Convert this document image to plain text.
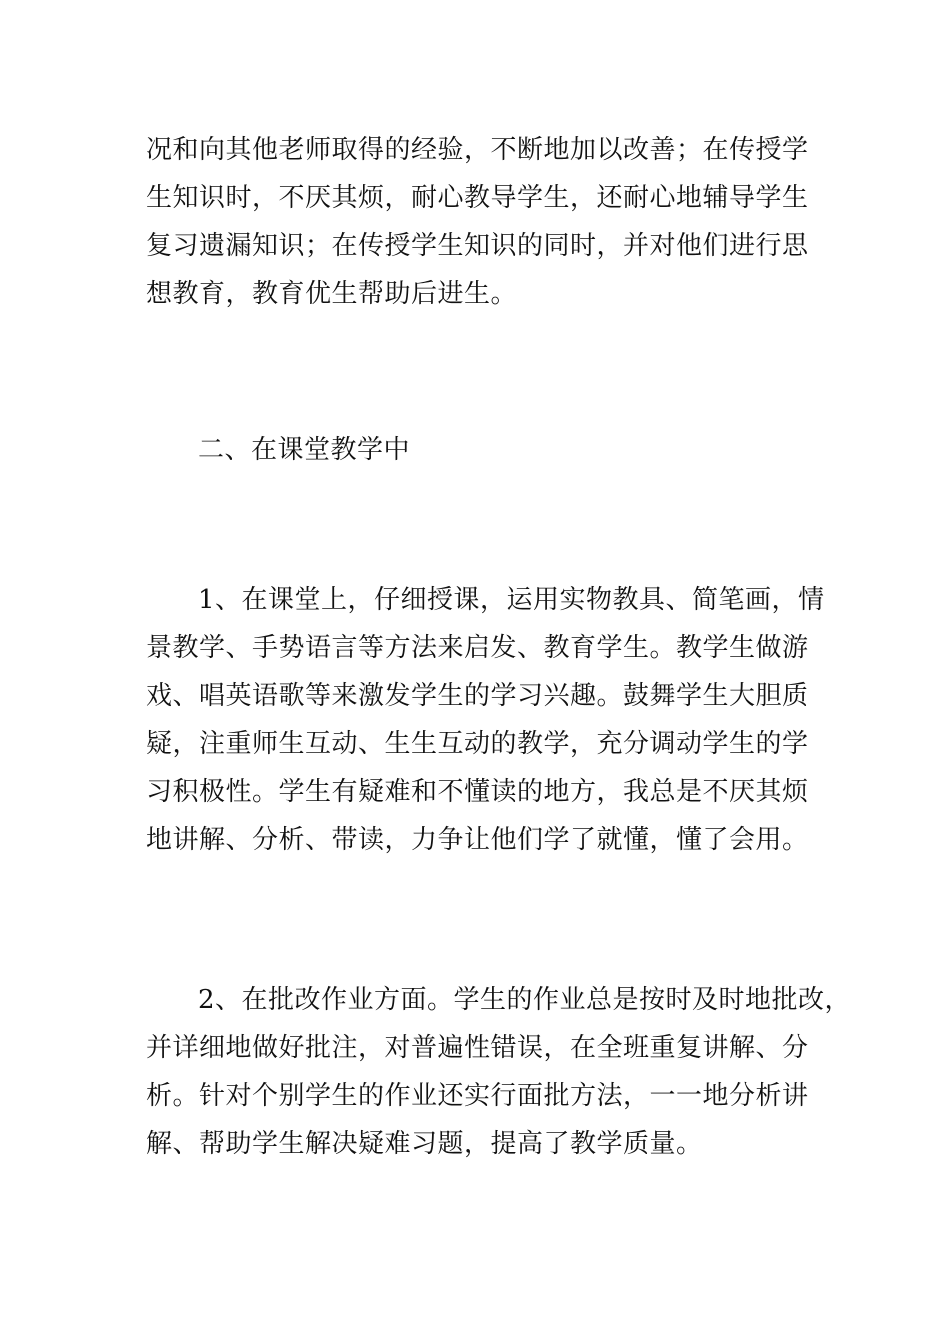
况和向其他老师取得的经验，不断地加以改善；在传授学
生知识时，不厌其烦，耐心教导学生，还耐心地辅导学生
复习遗漏知识；在传授学生知识的同时，并对他们进行思
想教育，教育优生帮助后进生。
二、在课堂教学中
1、在课堂上，仔细授课，运用实物教具、简笔画，情
景教学、手势语言等方法来启发、教育学生。教学生做游
戏、唱英语歌等来激发学生的学习兴趣。鼓舞学生大胆质
疑，注重师生互动、生生互动的教学，充分调动学生的学
习积极性。学生有疑难和不懂读的地方，我总是不厌其烦
地讲解、分析、带读，力争让他们学了就懂，懂了会用。
2、在批改作业方面。学生的作业总是按时及时地批改，
并详细地做好批注，对普遍性错误，在全班重复讲解、分
析。针对个别学生的作业还实行面批方法，一一地分析讲
解、帮助学生解决疑难习题，提高了教学质量。
